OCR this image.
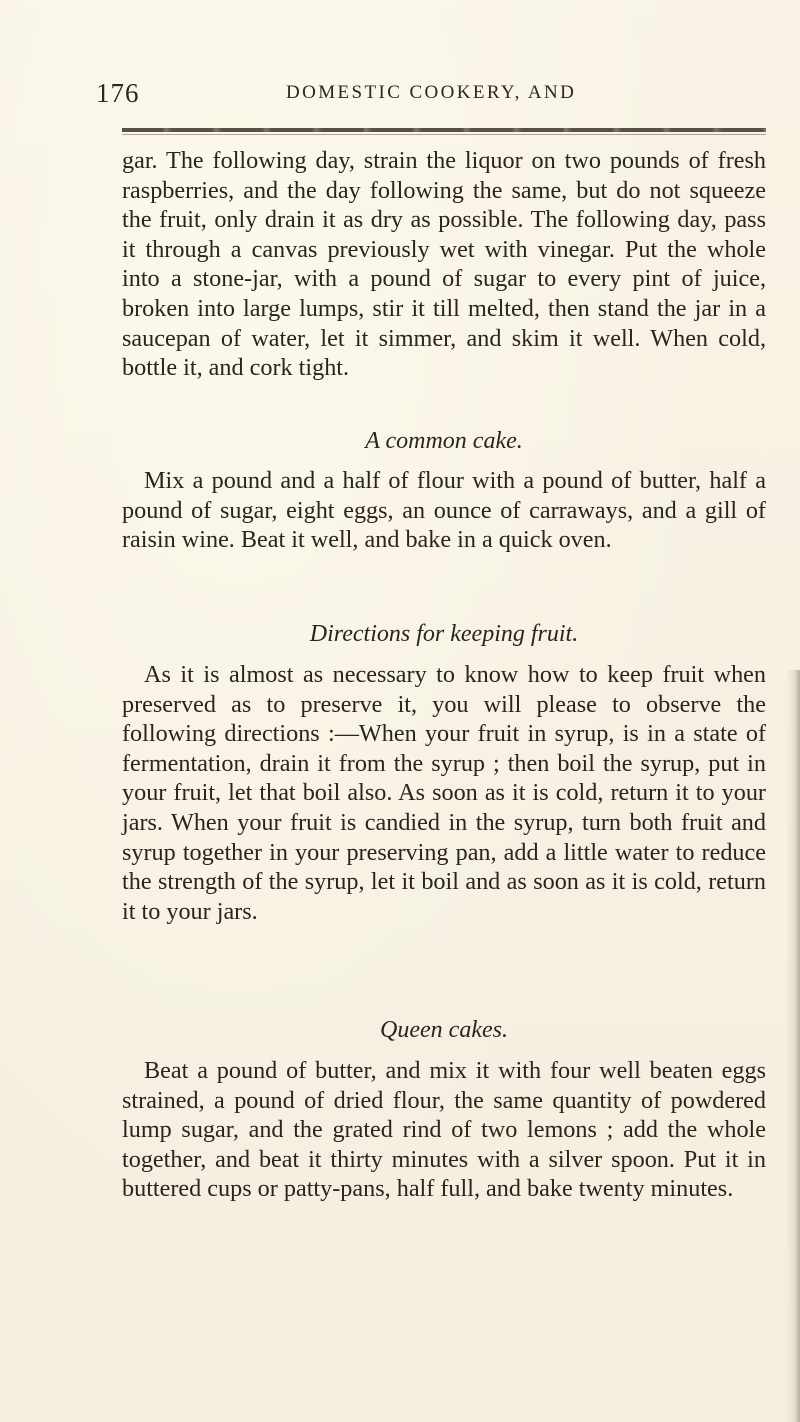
176	DOMESTIC COOKERY, AND

gar. The following day, strain the liquor on two pounds of fresh raspberries, and the day following the same, but do not squeeze the fruit, only drain it as dry as possible. The following day, pass it through a canvas previously wet with vinegar. Put the whole into a stone-jar, with a pound of sugar to every pint of juice, broken into large lumps, stir it till melted, then stand the jar in a saucepan of water, let it simmer, and skim it well. When cold, bottle it, and cork tight.

A common cake.

Mix a pound and a half of flour with a pound of butter, half a pound of sugar, eight eggs, an ounce of carraways, and a gill of raisin wine. Beat it well, and bake in a quick oven.

Directions for keeping fruit.

As it is almost as necessary to know how to keep fruit when preserved as to preserve it, you will please to observe the following directions :—When your fruit in syrup, is in a state of fermentation, drain it from the syrup ; then boil the syrup, put in your fruit, let that boil also. As soon as it is cold, return it to your jars. When your fruit is candied in the syrup, turn both fruit and syrup together in your preserving pan, add a little water to reduce the strength of the syrup, let it boil and as soon as it is cold, return it to your jars.

Queen cakes.

Beat a pound of butter, and mix it with four well beaten eggs strained, a pound of dried flour, the same quantity of powdered lump sugar, and the grated rind of two lemons ; add the whole together, and beat it thirty minutes with a silver spoon. Put it in buttered cups or patty-pans, half full, and bake twenty minutes.
